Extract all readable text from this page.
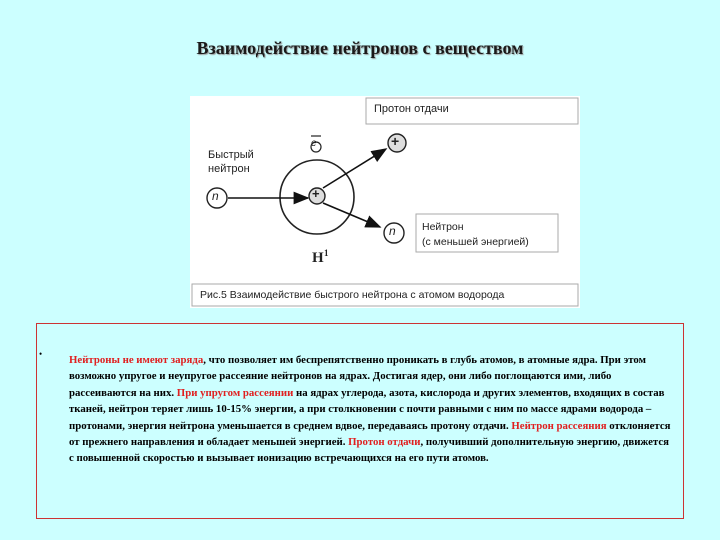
Взаимодействие нейтронов с веществом
Протон отдачи
Быстрый
нейтрон
e
n
n
+
+
Нейтрон
(с меньшей энергией)
H 1
Рис.5 Взаимодействие быстрого нейтрона с атомом водорода
• Нейтроны не имеют заряда, что позволяет им беспрепятственно проникать в глубь атомов, в атомные ядра. При этом возможно упругое и неупругое рассеяние нейтронов на ядрах. Достигая ядер, они либо поглощаются ими, либо рассеиваются на них. При упругом рассеянии на ядрах углерода, азота, кислорода и других элементов, входящих в состав тканей, нейтрон теряет лишь 10-15% энергии, а при столкновении с почти равными с ним по массе ядрами водорода – протонами, энергия нейтрона уменьшается в среднем вдвое, передаваясь протону отдачи. Нейтрон рассеяния отклоняется от прежнего направления и обладает меньшей энергией. Протон отдачи, получивший дополнительную энергию, движется с повышенной скоростью и вызывает ионизацию встречающихся на его пути атомов.
